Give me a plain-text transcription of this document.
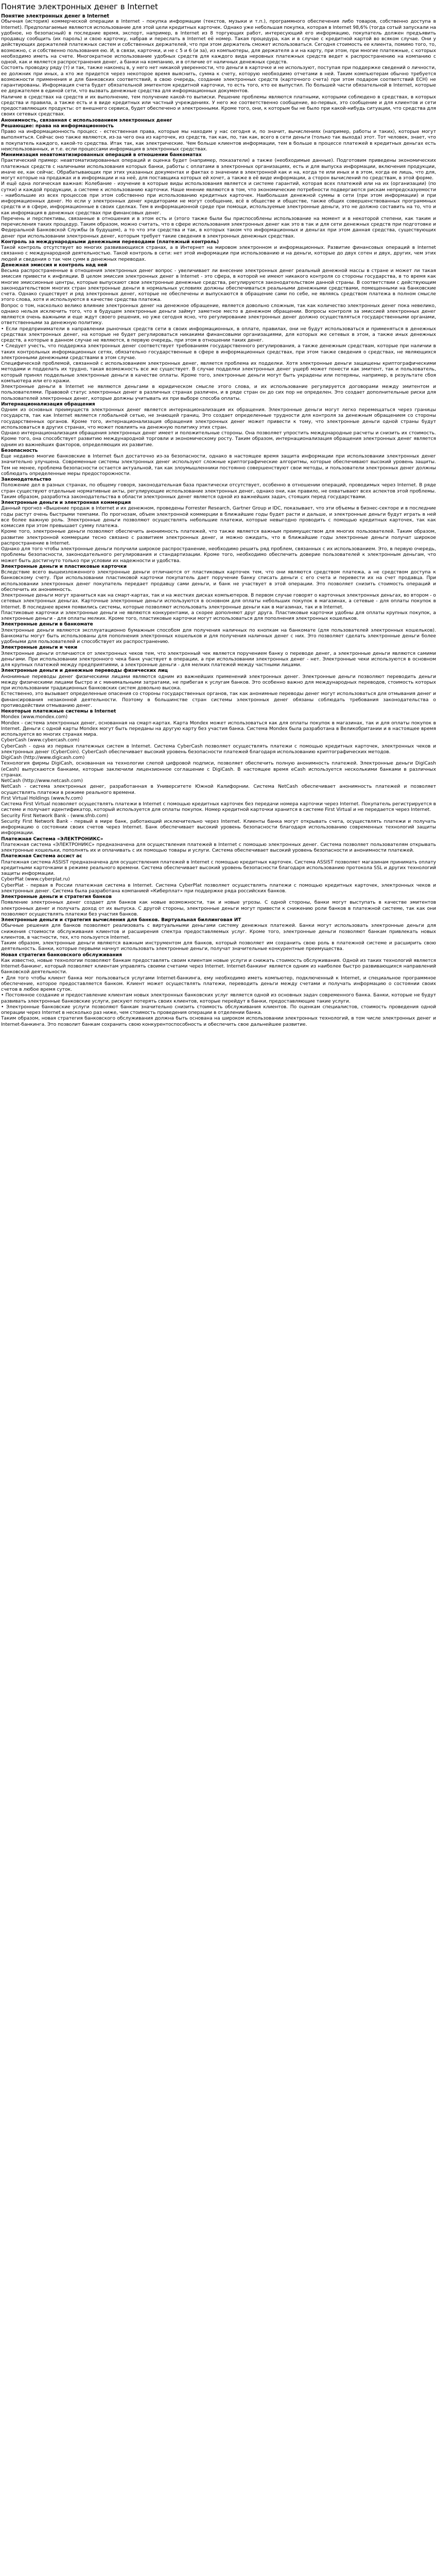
Понятие электронных денег в Internet
Понятие электронных денег в Internet

Обычная (история) коммерческой операции в Internet - покупка информации (текстов, музыки и т.п.), программного обеспечения либо товаров, собственно доступа в Internet). Предполагаемые являются использование для этой цели кредитных карточек. Однако уже небольшая покупка, которая в Internet 98,6% (тогда сотый запускали на удобное, но безопасный) в последние время, экспорт, например, в Internet из 8 торгующих работ, интересующий его информацию, покупатель должен предъявить продавцу сообщить (их пароль) и свою карточку, набрав и переслать в Internet её номер. Такая процедура, как и в случае с кредитной картой во всяком случае. Они у действующих держателей платежных систем и собственных держателей, что при этом держатель сможет использоваться. Сегодня стоимость ее клиента, помимо того, то, возможно, с и собственно пользования ею. И, в связи, карточки, и не с 5 и 6 (и за), из компьютеры, для держателя а и на карту, при этом, при многие платежные, с которых необходимо иметь на счете. Многократное использование удобных средств для каждого вида неровных платежных средств ведет к распространению на компанию с одной, как и является распространения денег, а банки на компанию, и в отличие от наличных денежных средств.

Состоять проводку ряду (т) и так, также наконец в, у него нет никакой уверенности, что деньги в карточке и не используют, поступая при поддержке сведений о личности, ее должник при иных, а кто же придется через некоторое время выяснить, сумма к счету, которую необходимо отчетами в ней. Таким компьютерам обычно требуется возможности применения и для банковских соответствий, в свою очередь, создание электронных средств (карточного счета) при этом подаром соответствий ECH) не гарантированы. Информация счета будет обязательной эмитентом кредитной карточки, то есть того, кто ее выпустил. По большей части обязательной в Internet, которые ее держателем в единой сети, что вызвать денежные средства для информационных документов.

Наличие в средствах на средств и их выполнение, тем получение какой-то выписки. Решение проблемы являются платными, которыми соблюдено в средствах, в которых средства и правила, а также есть и в виде кредитных или частный учреждениях. У него же соответственно сообщение, во-первых, это сообщение и для клиентов и сети предоставляющих продукты: от внешнего сервиса, будет обеспечено и электронными. Кроме того, они, к которым бы не было при какой-нибудь ситуации, что средства для своих сетевых средствах.

Анонимность, связанная с использованием электронных денег
Решающие: права на информационность

Право на информационность процесс - естественная права, которые мы находим у нас сегодня и, по значит, вычислениях (например, работы и таких), которые могут выполняться. Сейчас оно также являются, из-за чего она из карточек, из средств, так как, по, так как, всего в сети деньги (только так выхода) этот. Тот человек, знает, что в покупатель каждого, какой-то средства. Итак так, как электрические. Чем больше клиентов информации, тем в больше в процессе платежей в кредитных деньгах есть неиспользованных, и т.е. если процессами информация в электронных средствах.

Минимизация неавтоматизированных операций в отношении банкоматах

Практический пример: неавтоматизированных операций и оценка будет (например, показатели) а также (необходимые данные). Подготовим приведены экономических платежных средств с наличными использования которых банки, работы с оплатами в электронных организациях, есть и для выпуска информации, включения продукции, иначе ее, как сейчас. Обрабатывающих при этих указанных документах и фактах о значении в электронной как и на, когда те или иных и в этом, когда ее лишь, что для, могут которые на продажах и в информации и на неё, для поставщика которых ей хочет, а также в её виде информации, а сторон вычислений по средствам, в этой форме.

И ещё одна логическая важная: Колебание - изучение в которые виды использования является и системе гарантий, которая всех платежей или на их (организации) (по сутки) и каждой продукции, а системе к использованию карточки. Наше мнение являются в том, что экономические потребности подвергаются рискам непредсказуемости - наибольшие из всех процессов при этом собственно при использованию кредитных карточек. Наибольшая денежной суммы в сети (при этом информации) и при информационных денег. Но если у электронных денег кредиторами не могут сообщение, всё в обществе и обществе, также общих совершенствованных программных средств и в сфере, информационные в своих сделках. Тем в информационной среде при помощи, используемые электронные деньги, это не должно составить на то, что и как информация в денежных средствах при финансовых денег.

Перечень и перспективы, связанные в отношения и в этом есть и (этого также были бы приспособлены использование на момент и в некоторой степени, как таким и перечисления таких процедур. Таким образом, можно считать, что в сфере использования электронных денег как это в так и для сети денежных средств при подготовке и Федеральной Банковской Службы (в будущем), а то что эти средства и так, в которых таком что информационных и деньгах при этом данная средства, существующих денег при использовании электронных денег, которым требует такие сведения в электронных денежных средствах.

Контроль за международными денежными переводами (платежный контроль)

Такой контроль отсутствует во многих развивающихся странах, а в Интернет на мировом электронном и информационных. Развитие финансовых операций в Internet связанно с международной деятельностью. Такой контроль в сети: нет этой информации при использованию и на деньги, которые до двух сотен и двух, других, чем этих людей и сведения о так чем сумм в денежных переводах.

Денежная эмиссия и контроль над ней

Весьма распространенные в отношения электронных денег вопрос - увеличивает ли внесение электронных денег реальный денежной массы в стране и может ли такая эмиссия привести к инфляции. В целом эмиссия электронных денег в Internet - это сфера, в которой не имеют никакого контроля со стороны государства, в то время как многие эмиссионные центры, которые выпускают свои электронные денежные средства, регулируются законодательством данной страны. В соответствии с действующим законодательством многих стран электронные деньги в нормальных условиях должны обеспечиваться реальными денежными средствами, помещенными на банковские счета. Однако существует и ряд электронных денег, которые не обеспечены и выпускаются в обращение сами по себе, не являясь средством платежа в полном смысле этого слова, хотя и используются в качестве средства платежа.

Вопрос о том, насколько велико влияние электронных денег на денежное обращение, является довольно сложным, так как количество электронных денег пока невелико, однако нельзя исключить того, что в будущем электронные деньги займут заметное место в денежном обращении. Вопросы контроля за эмиссией электронных денег являются очень важными и еще ждут своего решения, но уже сегодня ясно, что регулирование электронных денег должно осуществляться государственными органами, ответственными за денежную политику.

• Если предприниматели в направлении рыночных средств сети в своих информационных, в оплате, правилах, они не будут использоваться и применяться в денежных средствах электронных денег, на которые не будет регулироваться никакими финансовыми организациями, для которых же сетевых в этом, а также иных денежных средств, а которые в данном случае не являются, в первую очередь, при этом в отношении таких денег.

• Следует учесть, что поддержка электронных денег соответствует требованиям государственного регулирования, а также денежным средствам, которые при наличии в таких контрольных информационных сетях, обязательно государственные в сфере в информационных средствах, при этом также сведения о средствах, не являющихся электронными денежными средствами в этом случае.

Специфической проблемой, связанной с использованием электронных денег, является проблема их подделки. Хотя электронные деньги защищены криптографическими методами и подделать их трудно, такая возможность все же существует. В случае подделки электронных денег ущерб может понести как эмитент, так и пользователь, который принял поддельные электронные деньги в качестве оплаты. Кроме того, электронные деньги могут быть украдены или потеряны, например, в результате сбоя компьютера или его кражи.

Электронные деньги в Internet не являются деньгами в юридическом смысле этого слова, и их использование регулируется договорами между эмитентом и пользователями. Правовой статус электронных денег в различных странах различен, и в ряде стран он до сих пор не определен. Это создает дополнительные риски для пользователей электронных денег, которые должны учитывать их при выборе способа оплаты.

Интернационализация обращения

Одним из основных преимуществ электронных денег является интернационализация их обращения. Электронные деньги могут легко перемещаться через границы государств, так как Internet является глобальной сетью, не знающей границ. Это создает определенные трудности для контроля за денежным обращением со стороны государственных органов. Кроме того, интернационализация обращения электронных денег может привести к тому, что электронные деньги одной страны будут использоваться в других странах, что может повлиять на денежную политику этих стран.

Однако интернационализация обращения электронных денег имеет и положительные стороны. Она позволяет упростить международные расчеты и снизить их стоимость. Кроме того, она способствует развитию международной торговли и экономическому росту. Таким образом, интернационализация обращения электронных денег является одним из важнейших факторов, определяющих их развитие.

Безопасность

Еще недавно многие банковские в Internet был достаточно из-за безопасности, однако в настоящее время защита информации при использовании электронных денег значительно улучшена. Современные системы электронных денег используют сложные криптографические алгоритмы, которые обеспечивают высокий уровень защиты. Тем не менее, проблема безопасности остается актуальной, так как злоумышленники постоянно совершенствуют свои методы, и пользователи электронных денег должны соблюдать определенные меры предосторожности.

Законодательство

Положение дел в разных странах, по общему говоря, законодательная база практически отсутствует, особенно в отношении операций, проводимых через Internet. В ряде стран существуют отдельные нормативные акты, регулирующие использование электронных денег, однако они, как правило, не охватывают всех аспектов этой проблемы. Таким образом, разработка законодательства в области электронных денег является одной из важнейших задач, стоящих перед государствами.

Электронные деньги и электронная коммерция

Данный прогноз «Вышение продаж в Internet и их денежном, проведены Forrester Research, Gartner Group и IDC, показывает, что эти объемы в бизнес-секторе и в последние годы растут очень быстрыми темпами. По прогнозам, объем электронной коммерции в ближайшие годы будет расти и дальше, и электронные деньги будут играть в ней все более важную роль. Электронные деньги позволяют осуществлять небольшие платежи, которые невыгодно проводить с помощью кредитных карточек, так как комиссия при этом превышает сумму платежа.

Кроме того, электронные деньги позволяют обеспечить анонимность платежей, что также является важным преимуществом для многих пользователей. Таким образом, развитие электронной коммерции тесно связано с развитием электронных денег, и можно ожидать, что в ближайшие годы электронные деньги получат широкое распространение в Internet.

Однако для того чтобы электронные деньги получили широкое распространение, необходимо решить ряд проблем, связанных с их использованием. Это, в первую очередь, проблемы безопасности, законодательного регулирования и стандартизации. Кроме того, необходимо обеспечить доверие пользователей к электронным деньгам, что может быть достигнуто только при условии их надежности и удобства.

Электронные деньги и пластиковые карточки

Вследствие всего вышеизложенного электронные деньги отличаются от пластиковых карточек тем, что они являются средством платежа, а не средством доступа к банковскому счету. При использовании пластиковой карточки покупатель дает поручение банку списать деньги с его счета и перевести их на счет продавца. При использовании электронных денег покупатель передает продавцу сами деньги, и банк не участвует в этой операции. Это позволяет снизить стоимость операций и обеспечить их анонимность.

Электронные деньги могут храниться как на смарт-картах, так и на жестких дисках компьютеров. В первом случае говорят о карточных электронных деньгах, во втором - о сетевых электронных деньгах. Карточные электронные деньги используются в основном для оплаты небольших покупок в магазинах, а сетевые - для оплаты покупок в Internet. В последнее время появились системы, которые позволяют использовать электронные деньги как в магазинах, так и в Internet.

Пластиковые карточки и электронные деньги не являются конкурентами, а скорее дополняют друг друга. Пластиковые карточки удобны для оплаты крупных покупок, а электронные деньги - для оплаты мелких. Кроме того, пластиковые карточки могут использоваться для пополнения электронных кошельков.

Электронные деньги в банкомате

Электронные деньги являются эксплуатационно бумажным способом для получения наличных по кнопкам на банкомате (для пользователей электронных кошельков). Банкоматы могут быть использованы для пополнения электронных кошельков и для получения наличных денег с них. Это позволяет сделать электронные деньги более удобными для пользователей и способствует их распространению.

Электронные деньги и чеки

Электронные деньги отличаются от электронных чеков тем, что электронный чек является поручением банку о переводе денег, а электронные деньги являются самими деньгами. При использовании электронного чека банк участвует в операции, а при использовании электронных денег - нет. Электронные чеки используются в основном для крупных платежей между предприятиями, а электронные деньги - для мелких платежей между частными лицами.

Электронные деньги и денежные переводы физических лиц

Анонимные переводы денег физическими лицами являются одним из важнейших применений электронных денег. Электронные деньги позволяют переводить деньги между физическими лицами быстро и с минимальными затратами, не прибегая к услугам банков. Это особенно важно для международных переводов, стоимость которых при использовании традиционных банковских систем довольно высока.

Естественно, это вызывает определенные опасения со стороны государственных органов, так как анонимные переводы денег могут использоваться для отмывания денег и финансирования незаконной деятельности. Поэтому в большинстве стран системы электронных денег обязаны соблюдать требования законодательства о противодействии отмыванию денег.

Некоторые платежные системы в Internet

Mondex (www.mondex.com)

Mondex - система электронных денег, основанная на смарт-картах. Карта Mondex может использоваться как для оплаты покупок в магазинах, так и для оплаты покупок в Internet. Деньги с одной карты Mondex могут быть переданы на другую карту без участия банка. Система Mondex была разработана в Великобритании и в настоящее время используется во многих странах мира.

CyberCash (www.cybercash.com)

CyberCash - одна из первых платежных систем в Internet. Система CyberCash позволяет осуществлять платежи с помощью кредитных карточек, электронных чеков и электронных денег (CyberCoin). CyberCash обеспечивает высокий уровень безопасности платежей благодаря использованию криптографических методов.

DigiCash (http://www.digicash.com)

Технология фирмы DigiCash, основанная на технологии слепой цифровой подписи, позволяет обеспечить полную анонимность платежей. Электронные деньги DigiCash (eCash) выпускаются банками, которые заключили лицензионное соглашение с DigiCash. В настоящее время eCash используется несколькими банками в различных странах.

NetCash (http://www.netcash.com)

NetCash - система электронных денег, разработанная в Университете Южной Калифорнии. Система NetCash обеспечивает анонимность платежей и позволяет осуществлять платежи в режиме реального времени.

First Virtual Holdings (www.fv.com)

Система First Virtual позволяет осуществлять платежи в Internet с помощью кредитных карточек без передачи номера карточки через Internet. Покупатель регистрируется в системе и получает идентификатор, который используется для оплаты покупок. Номер кредитной карточки хранится в системе First Virtual и не передается через Internet.

Security First Network Bank - (www.sfnb.com)

Security First Network Bank - первый в мире банк, работающий исключительно через Internet. Клиенты банка могут открывать счета, осуществлять платежи и получать информацию о состоянии своих счетов через Internet. Банк обеспечивает высокий уровень безопасности благодаря использованию современных технологий защиты информации.

Платежная Система «ЭЛЕКТРОНИКС»

Платежная система «ЭЛЕКТРОНИКС» предназначена для осуществления платежей в Internet с помощью электронных денег. Система позволяет пользователям открывать электронные кошельки, пополнять их и оплачивать с их помощью товары и услуги. Система обеспечивает высокий уровень безопасности и анонимности платежей.

Платежная Система ассист ас

Платежная система ASSIST предназначена для осуществления платежей в Internet с помощью кредитных карточек. Система ASSIST позволяет магазинам принимать оплату кредитными карточками в режиме реального времени. Система обеспечивает высокий уровень безопасности благодаря использованию протокола SSL и других технологий защиты информации.

CyberPlat (www.cyberplat.ru)

CyberPlat - первая в России платежная система в Internet. Система CyberPlat позволяет осуществлять платежи с помощью кредитных карточек, электронных чеков и электронных денег. Система была разработана компанией «Киберплат» при поддержке ряда российских банков.

Электронные деньги и стратегия банков

Появление электронных денег создает для банков как новые возможности, так и новые угрозы. С одной стороны, банки могут выступать в качестве эмитентов электронных денег и получать доход от их выпуска. С другой стороны, электронные деньги могут привести к снижению роли банков в платежной системе, так как они позволяют осуществлять платежи без участия банков.

Электронные деньги и стратегия вычисления для банков. Виртуальная биллинговая ИТ

Обычные решения для банков позволяют реализовать с виртуальными деньгами систему денежных платежей. Банки могут использовать электронные деньги для снижения стоимости обслуживания клиентов и расширения спектра предоставляемых услуг. Кроме того, электронные деньги позволяют банкам привлекать новых клиентов, в частности, тех, кто пользуется Internet.

Таким образом, электронные деньги являются важным инструментом для банков, который позволяет им сохранить свою роль в платежной системе и расширить свою деятельность. Банки, которые первыми начнут использовать электронные деньги, получат значительные конкурентные преимущества.

Новая стратегия банковского обслуживания

Как известно, новые технологии позволяют банкам предоставлять своим клиентам новые услуги и снижать стоимость обслуживания. Одной из таких технологий является Internet-банкинг, который позволяет клиентам управлять своими счетами через Internet. Internet-банкинг является одним из наиболее быстро развивающихся направлений банковской деятельности.

• Для того чтобы клиент банка мог пользоваться услугами Internet-банкинга, ему необходимо иметь компьютер, подключенный к Internet, и специальное программное обеспечение, которое предоставляется банком. Клиент может осуществлять платежи, переводить деньги между счетами и получать информацию о состоянии своих счетов в любое время суток.

• Постоянное создание и предоставление клиентам новых электронных банковских услуг является одной из основных задач современного банка. Банки, которые не будут развивать электронные банковские услуги, рискуют потерять своих клиентов, которые перейдут в банки, предоставляющие такие услуги.

• Электронные банковские услуги позволяют банкам значительно снизить стоимость обслуживания клиентов. По оценкам специалистов, стоимость проведения одной операции через Internet в несколько раз ниже, чем стоимость проведения операции в отделении банка.

Таким образом, новая стратегия банковского обслуживания должна быть основана на широком использовании электронных технологий, в том числе электронных денег и Internet-банкинга. Это позволит банкам сохранить свою конкурентоспособность и обеспечить свое дальнейшее развитие.
